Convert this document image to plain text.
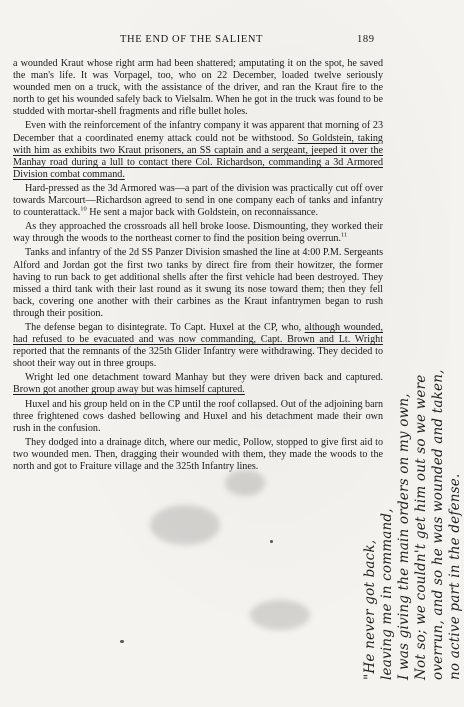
THE END OF THE SALIENT	189

a wounded Kraut whose right arm had been shattered; amputating it on the spot, he saved the man's life. It was Vorpagel, too, who on 22 December, loaded twelve seriously wounded men on a truck, with the assistance of the driver, and ran the Kraut fire to the north to get his wounded safely back to Vielsalm. When he got in the truck was found to be studded with mortar-shell fragments and rifle bullet holes.

Even with the reinforcement of the infantry company it was apparent that morning of 23 December that a coordinated enemy attack could not be withstood. So Goldstein, taking with him as exhibits two Kraut prisoners, an SS captain and a sergeant, jeeped it over the Manhay road during a lull to contact there Col. Richardson, commanding a 3d Armored Division combat command.

Hard-pressed as the 3d Armored was—a part of the division was practically cut off over towards Marcourt—Richardson agreed to send in one company each of tanks and infantry to counterattack.$^{10}$ He sent a major back with Goldstein, on reconnaissance.

As they approached the crossroads all hell broke loose. Dismounting, they worked their way through the woods to the northeast corner to find the position being overrun.$^{11}$

Tanks and infantry of the 2d SS Panzer Division smashed the line at 4:00 P.M. Sergeants Alford and Jordan got the first two tanks by direct fire from their howitzer, the former having to run back to get additional shells after the first vehicle had been destroyed. They missed a third tank with their last round as it swung its nose toward them; then they fell back, covering one another with their carbines as the Kraut infantrymen began to rush through their position.

The defense began to disintegrate. To Capt. Huxel at the CP, who, although wounded, had refused to be evacuated and was now commanding, Capt. Brown and Lt. Wright reported that the remnants of the 325th Glider Infantry were withdrawing. They decided to shoot their way out in three groups.

Wright led one detachment toward Manhay but they were driven back and captured. Brown got another group away but was himself captured.

Huxel and his group held on in the CP until the roof collapsed. Out of the adjoining barn three frightened cows dashed bellowing and Huxel and his detachment made their own rush in the confusion.

They dodged into a drainage ditch, where our medic, Pollow, stopped to give first aid to two wounded men. Then, dragging their wounded with them, they made the woods to the north and got to Fraiture village and the 325th Infantry lines.

"He never got back, leaving me in command, I was giving the main orders on my own, Not so; we couldn't get him out so we were overrun, and so he was wounded and taken, no active part in the defense.
